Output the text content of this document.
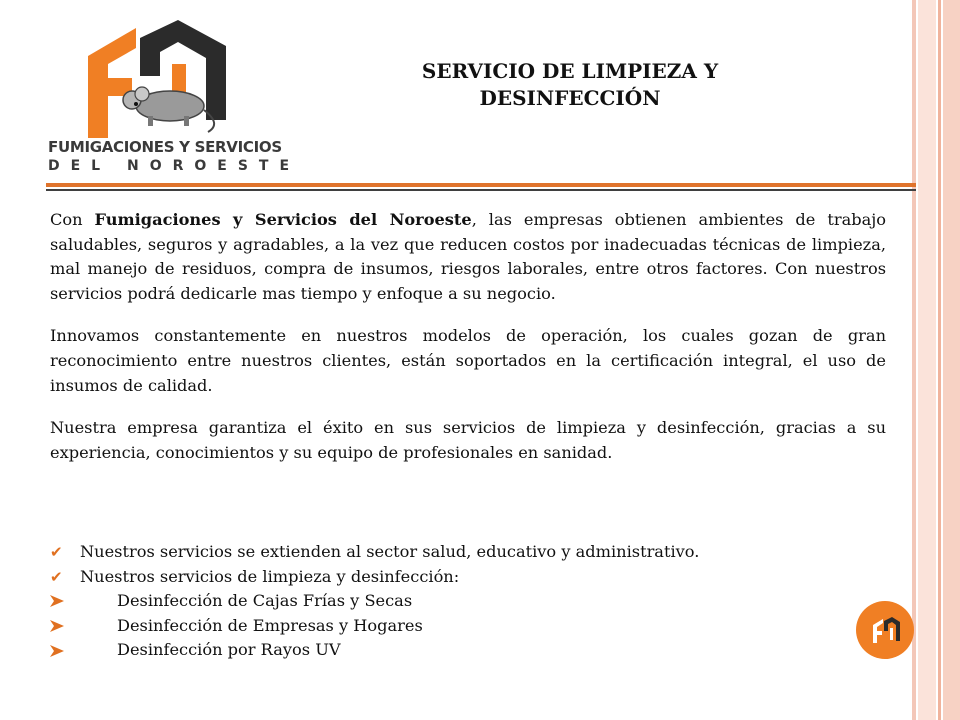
FUMIGACIONES Y SERVICIOS
DEL NOROESTE
SERVICIO DE LIMPIEZA Y
DESINFECCIÓN

Con Fumigaciones y Servicios del Noroeste, las empresas obtienen ambientes de trabajo saludables, seguros y agradables, a la vez que reducen costos por inadecuadas técnicas de limpieza, mal manejo de residuos, compra de insumos, riesgos laborales, entre otros factores. Con nuestros servicios podrá dedicarle mas tiempo y enfoque a su negocio.

Innovamos constantemente en nuestros modelos de operación, los cuales gozan de gran reconocimiento entre nuestros clientes, están soportados en la certificación integral, el uso de insumos de calidad.

Nuestra empresa garantiza el éxito en sus servicios de limpieza y desinfección, gracias a su experiencia, conocimientos y su equipo de profesionales en sanidad.

✔	Nuestros servicios se extienden al sector salud, educativo y administrativo.
✔	Nuestros servicios de limpieza y desinfección:
Desinfección de Cajas Frías y Secas
Desinfección de Empresas y Hogares
Desinfección por Rayos UV
